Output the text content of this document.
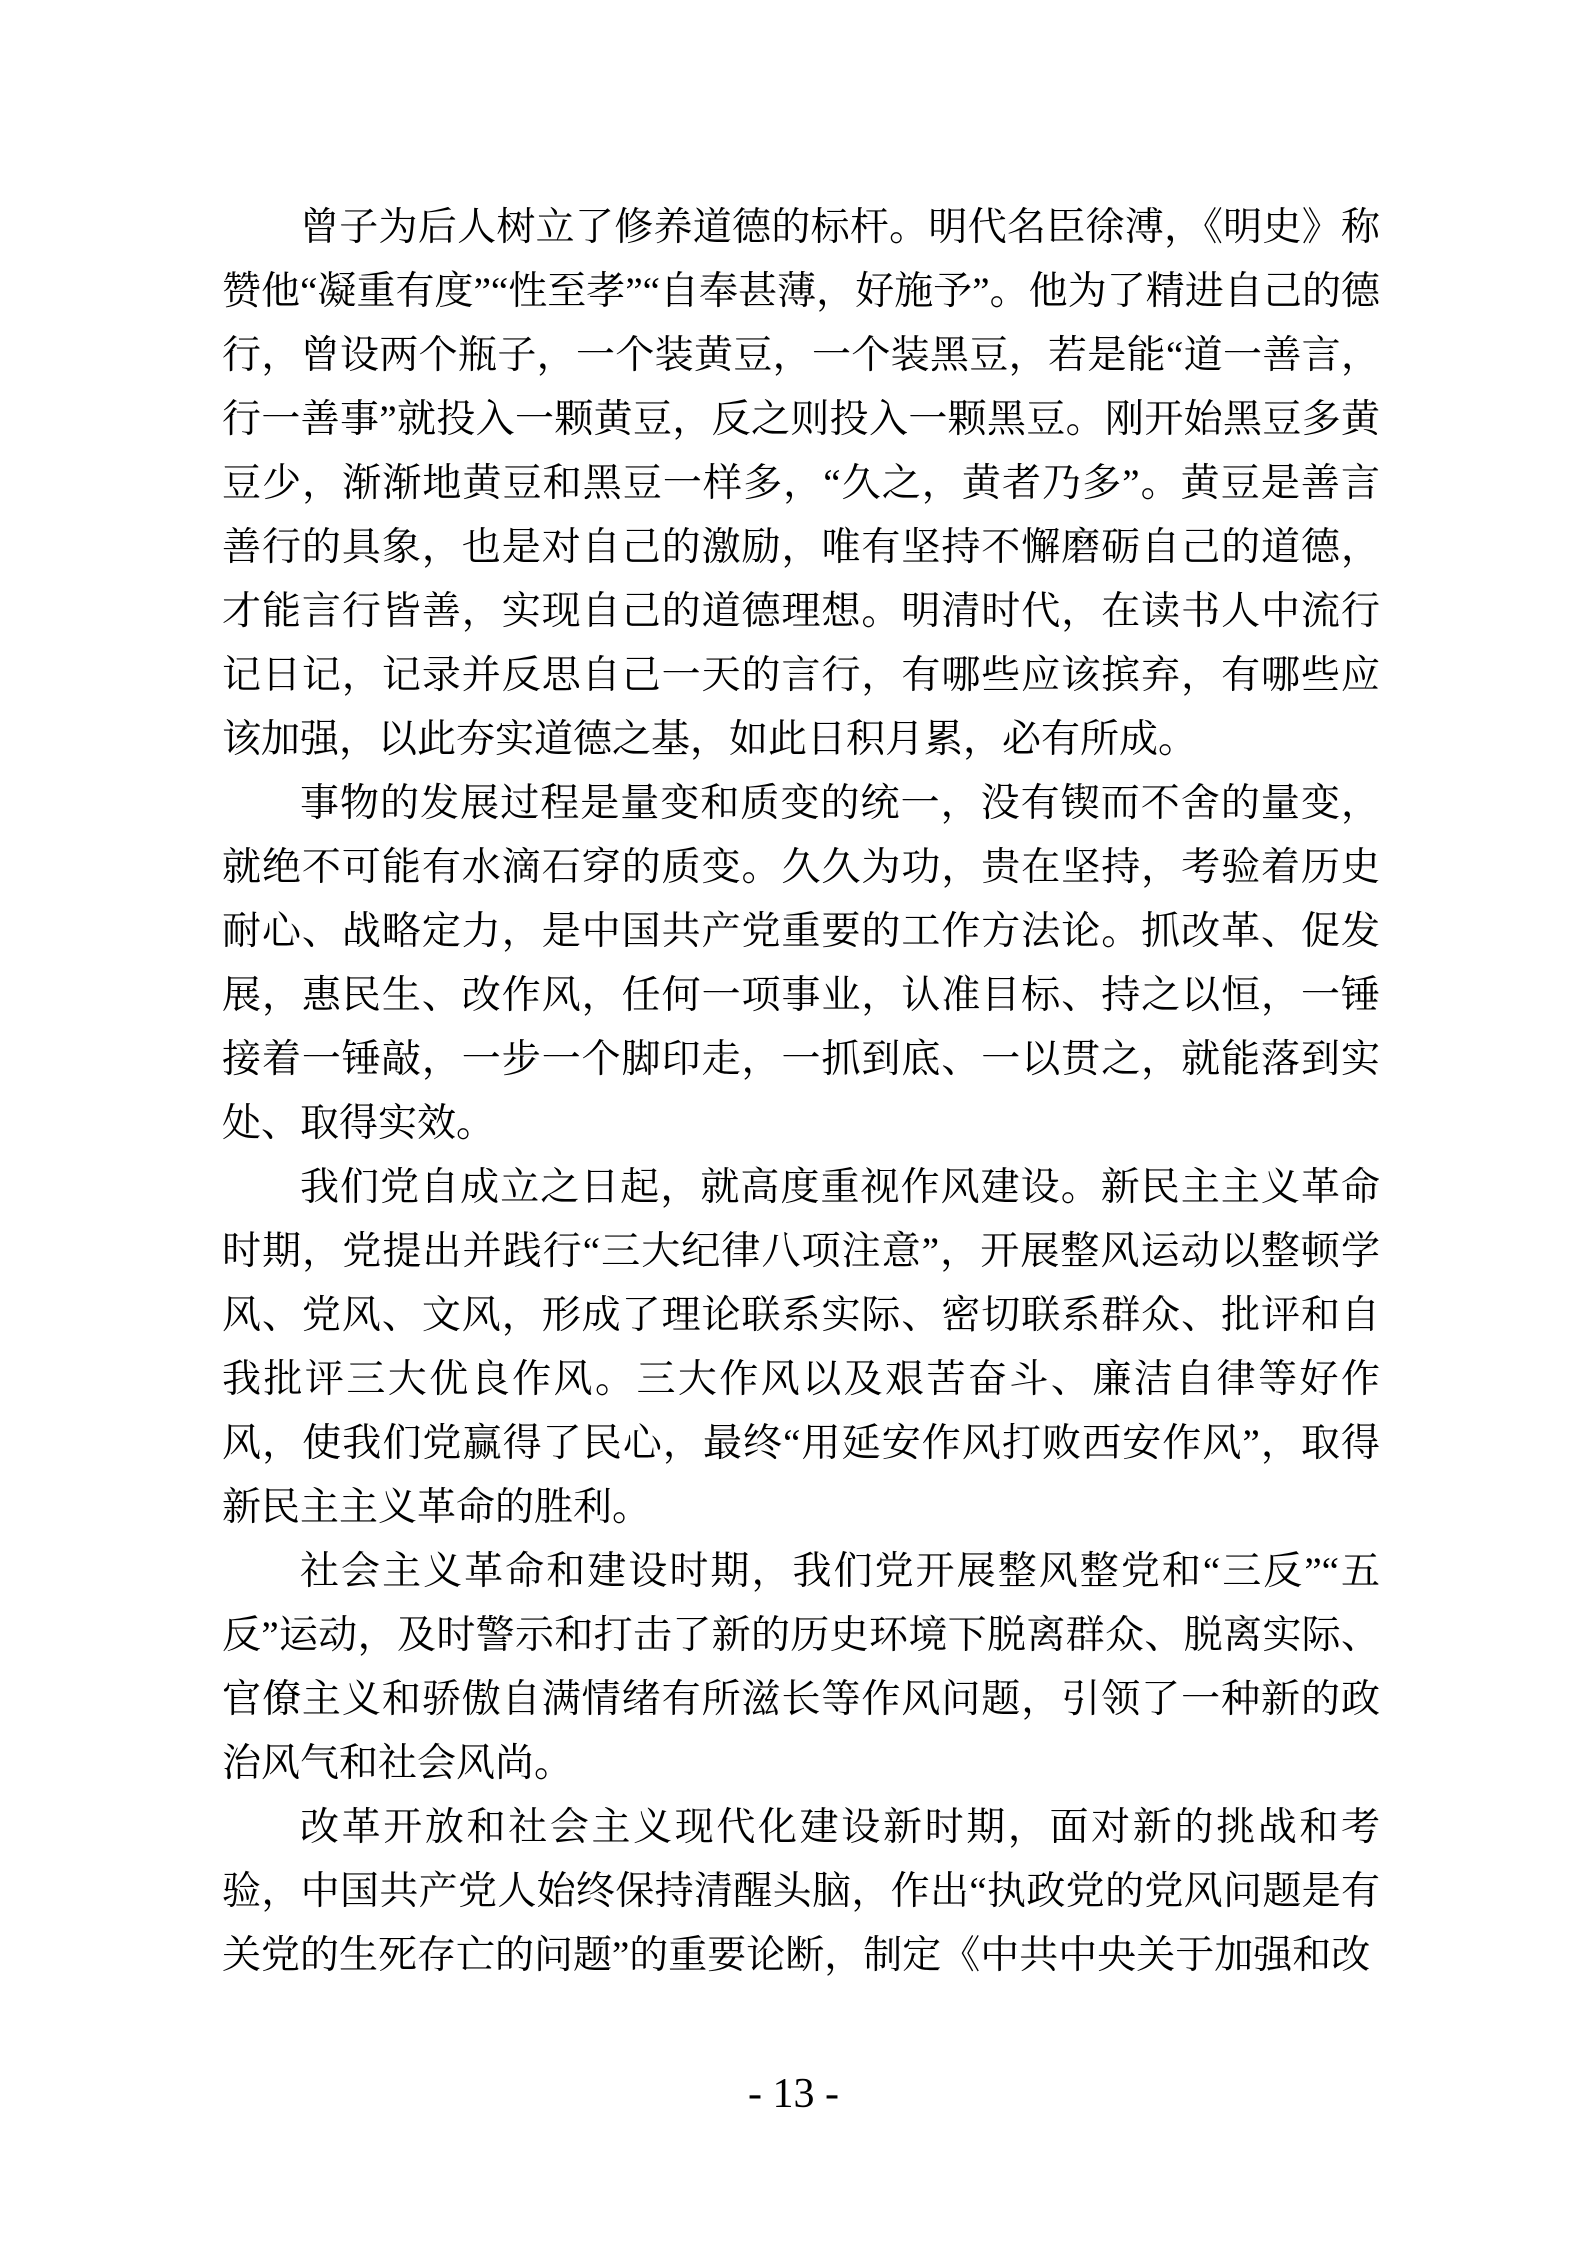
曾子为后人树立了修养道德的标杆。明代名臣徐溥，《明史》称赞他“凝重有度”“性至孝”“自奉甚薄，好施予”。他为了精进自己的德行，曾设两个瓶子，一个装黄豆，一个装黑豆，若是能“道一善言，行一善事”就投入一颗黄豆，反之则投入一颗黑豆。刚开始黑豆多黄豆少，渐渐地黄豆和黑豆一样多，“久之，黄者乃多”。黄豆是善言善行的具象，也是对自己的激励，唯有坚持不懈磨砺自己的道德，才能言行皆善，实现自己的道德理想。明清时代，在读书人中流行记日记，记录并反思自己一天的言行，有哪些应该摈弃，有哪些应该加强，以此夯实道德之基，如此日积月累，必有所成。

事物的发展过程是量变和质变的统一，没有锲而不舍的量变，就绝不可能有水滴石穿的质变。久久为功，贵在坚持，考验着历史耐心、战略定力，是中国共产党重要的工作方法论。抓改革、促发展，惠民生、改作风，任何一项事业，认准目标、持之以恒，一锤接着一锤敲，一步一个脚印走，一抓到底、一以贯之，就能落到实处、取得实效。

我们党自成立之日起，就高度重视作风建设。新民主主义革命时期，党提出并践行“三大纪律八项注意”，开展整风运动以整顿学风、党风、文风，形成了理论联系实际、密切联系群众、批评和自我批评三大优良作风。三大作风以及艰苦奋斗、廉洁自律等好作风，使我们党赢得了民心，最终“用延安作风打败西安作风”，取得新民主主义革命的胜利。

社会主义革命和建设时期，我们党开展整风整党和“三反”“五反”运动，及时警示和打击了新的历史环境下脱离群众、脱离实际、官僚主义和骄傲自满情绪有所滋长等作风问题，引领了一种新的政治风气和社会风尚。

改革开放和社会主义现代化建设新时期，面对新的挑战和考验，中国共产党人始终保持清醒头脑，作出“执政党的党风问题是有关党的生死存亡的问题”的重要论断，制定《中共中央关于加强和改

- 13 -
